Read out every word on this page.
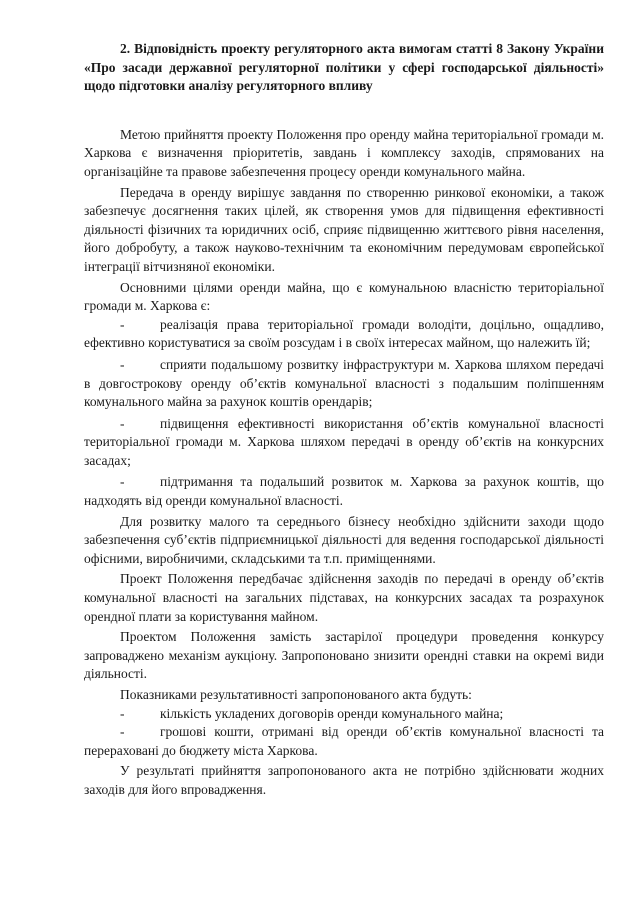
2. Відповідність проекту регуляторного акта вимогам статті 8 Закону України «Про засади державної регуляторної політики у сфері господарської діяльності» щодо підготовки аналізу регуляторного впливу

Метою прийняття проекту Положення про оренду майна територіальної громади м. Харкова є визначення пріоритетів, завдань і комплексу заходів, спрямованих на організаційне та правове забезпечення процесу оренди комунального майна.

Передача в оренду вирішує завдання по створенню ринкової економіки, а також забезпечує досягнення таких цілей, як створення умов для підвищення ефективності діяльності фізичних та юридичних осіб, сприяє підвищенню життєвого рівня населення, його добробуту, а також науково-технічним та економічним передумовам європейської інтеграції вітчизняної економіки.

Основними цілями оренди майна, що є комунальною власністю територіальної громади м. Харкова є:

-	реалізація права територіальної громади володіти, доцільно, ощадливо, ефективно користуватися за своїм розсудам і в своїх інтересах майном, що належить їй;
-	сприяти подальшому розвитку інфраструктури м. Харкова шляхом передачі в довгострокову оренду об’єктів комунальної власності з подальшим поліпшенням комунального майна за рахунок коштів орендарів;
-	підвищення ефективності використання об’єктів комунальної власності територіальної громади м. Харкова шляхом передачі в оренду об’єктів на конкурсних засадах;
-	підтримання та подальший розвиток м. Харкова за рахунок коштів, що надходять від оренди комунальної власності.

Для розвитку малого та середнього бізнесу необхідно здійснити заходи щодо забезпечення суб’єктів підприємницької діяльності для ведення господарської діяльності офісними, виробничими, складськими та т.п. приміщеннями.

Проект Положення передбачає здійснення заходів по передачі в оренду об’єктів комунальної власності на загальних підставах, на конкурсних засадах та розрахунок орендної плати за користування майном.

Проектом Положення замість застарілої процедури проведення конкурсу запроваджено механізм аукціону. Запропоновано знизити орендні ставки на окремі види діяльності.

Показниками результативності запропонованого акта будуть:

-	кількість укладених договорів оренди комунального майна;
-	грошові кошти, отримані від оренди об’єктів комунальної власності та перераховані до бюджету міста Харкова.

У результаті прийняття запропонованого акта не потрібно здійснювати жодних заходів для його впровадження.
